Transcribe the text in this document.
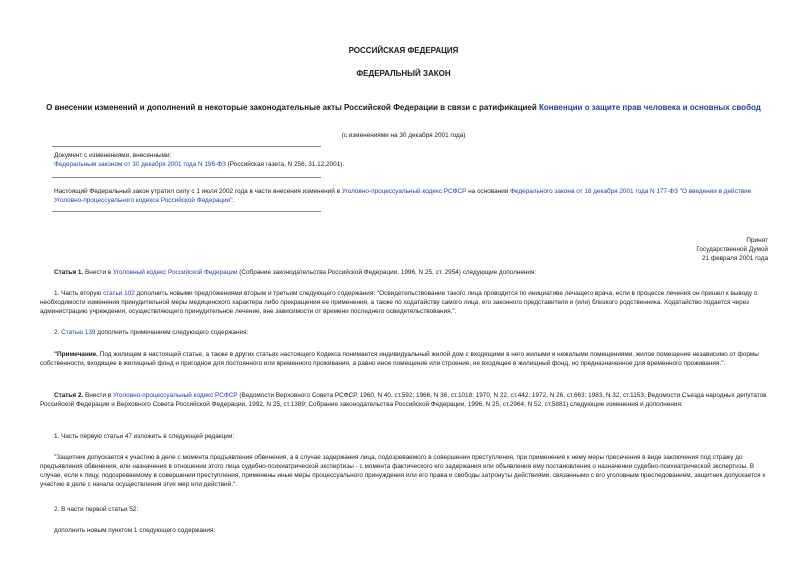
РОССИЙСКАЯ ФЕДЕРАЦИЯ
ФЕДЕРАЛЬНЫЙ ЗАКОН
О внесении изменений и дополнений в некоторые законодательные акты Российской Федерации в связи с ратификацией Конвенции о защите прав человека и основных свобод
(с изменениями на 30 декабря 2001 года)

Документ с изменениями, внесенными:

Федеральным законом от 30 декабря 2001 года N 196-ФЗ (Российская газета, N 256, 31.12.2001).

Настоящий Федеральный закон утратил силу с 1 июля 2002 года в части внесения изменений в Уголовно-процессуальный кодекс РСФСР на основании Федерального закона от 18 декабря 2001 года N 177-ФЗ "О введении в действие Уголовно-процессуального кодекса Российской Федерации".

Принят

Государственной Думой

21 февраля 2001 года

Статья 1. Внести в Уголовный кодекс Российской Федерации (Собрание законодательства Российской Федерации, 1996, N 25, ст. 2954) следующие дополнения:
1. Часть вторую статьи 102 дополнить новыми предложениями вторым и третьим следующего содержания: "Освидетельствование такого лица проводится по инициативе лечащего врача, если в процессе лечения он пришел к выводу о необходимости изменения принудительной меры медицинского характера либо прекращения ее применения, а также по ходатайству самого лица, его законного представителя и (или) близкого родственника. Ходатайство подается через администрацию учреждения, осуществляющего принудительное лечение, вне зависимости от времени последнего освидетельствования.".
2. Статью 139 дополнить примечанием следующего содержания:
"Примечание. Под жилищем в настоящей статье, а также в других статьях настоящего Кодекса понимается индивидуальный жилой дом с входящими в него жилыми и нежилыми помещениями, жилое помещение независимо от формы собственности, входящее в жилищный фонд и пригодное для постоянного или временного проживания, а равно иное помещение или строение, не входящее в жилищный фонд, но предназначенное для временного проживания.".
Статья 2. Внести в Уголовно-процессуальный кодекс РСФСР (Ведомости Верховного Совета РСФСР, 1960, N 40, ст.592; 1966, N 36, ст.1018; 1970, N 22, ст.442; 1972, N 26, ст.663; 1983, N 32, ст.1153; Ведомости Съезда народных депутатов Российской Федерации и Верховного Совета Российской Федерации, 1992, N 25, ст.1389; Собрание законодательства Российской Федерации, 1996, N 25, ст.2964; N 52, ст.5881) следующие изменения и дополнения:
1. Часть первую статьи 47 изложить в следующей редакции:
"Защитник допускается к участию в деле с момента предъявления обвинения, а в случае задержания лица, подозреваемого в совершении преступления, при применения к нему меры пресечения в виде заключения под стражу до предъявления обвинения, или назначения в отношении этого лица судебно-психиатрической экспертизы - с момента фактического его задержания или объявления ему постановления о назначении судебно-психиатрической экспертизы. В случае, если к лицу, подозреваемому в совершении преступления, применены иные меры процессуального принуждения или его права и свободы затронуты действиями, связанными с его уголовным преследованием, защитник допускается к участию в деле с начала осуществления этих мер или действий.".
2. В части первой статьи 52:
дополнить новым пунктом 1 следующего содержания:
